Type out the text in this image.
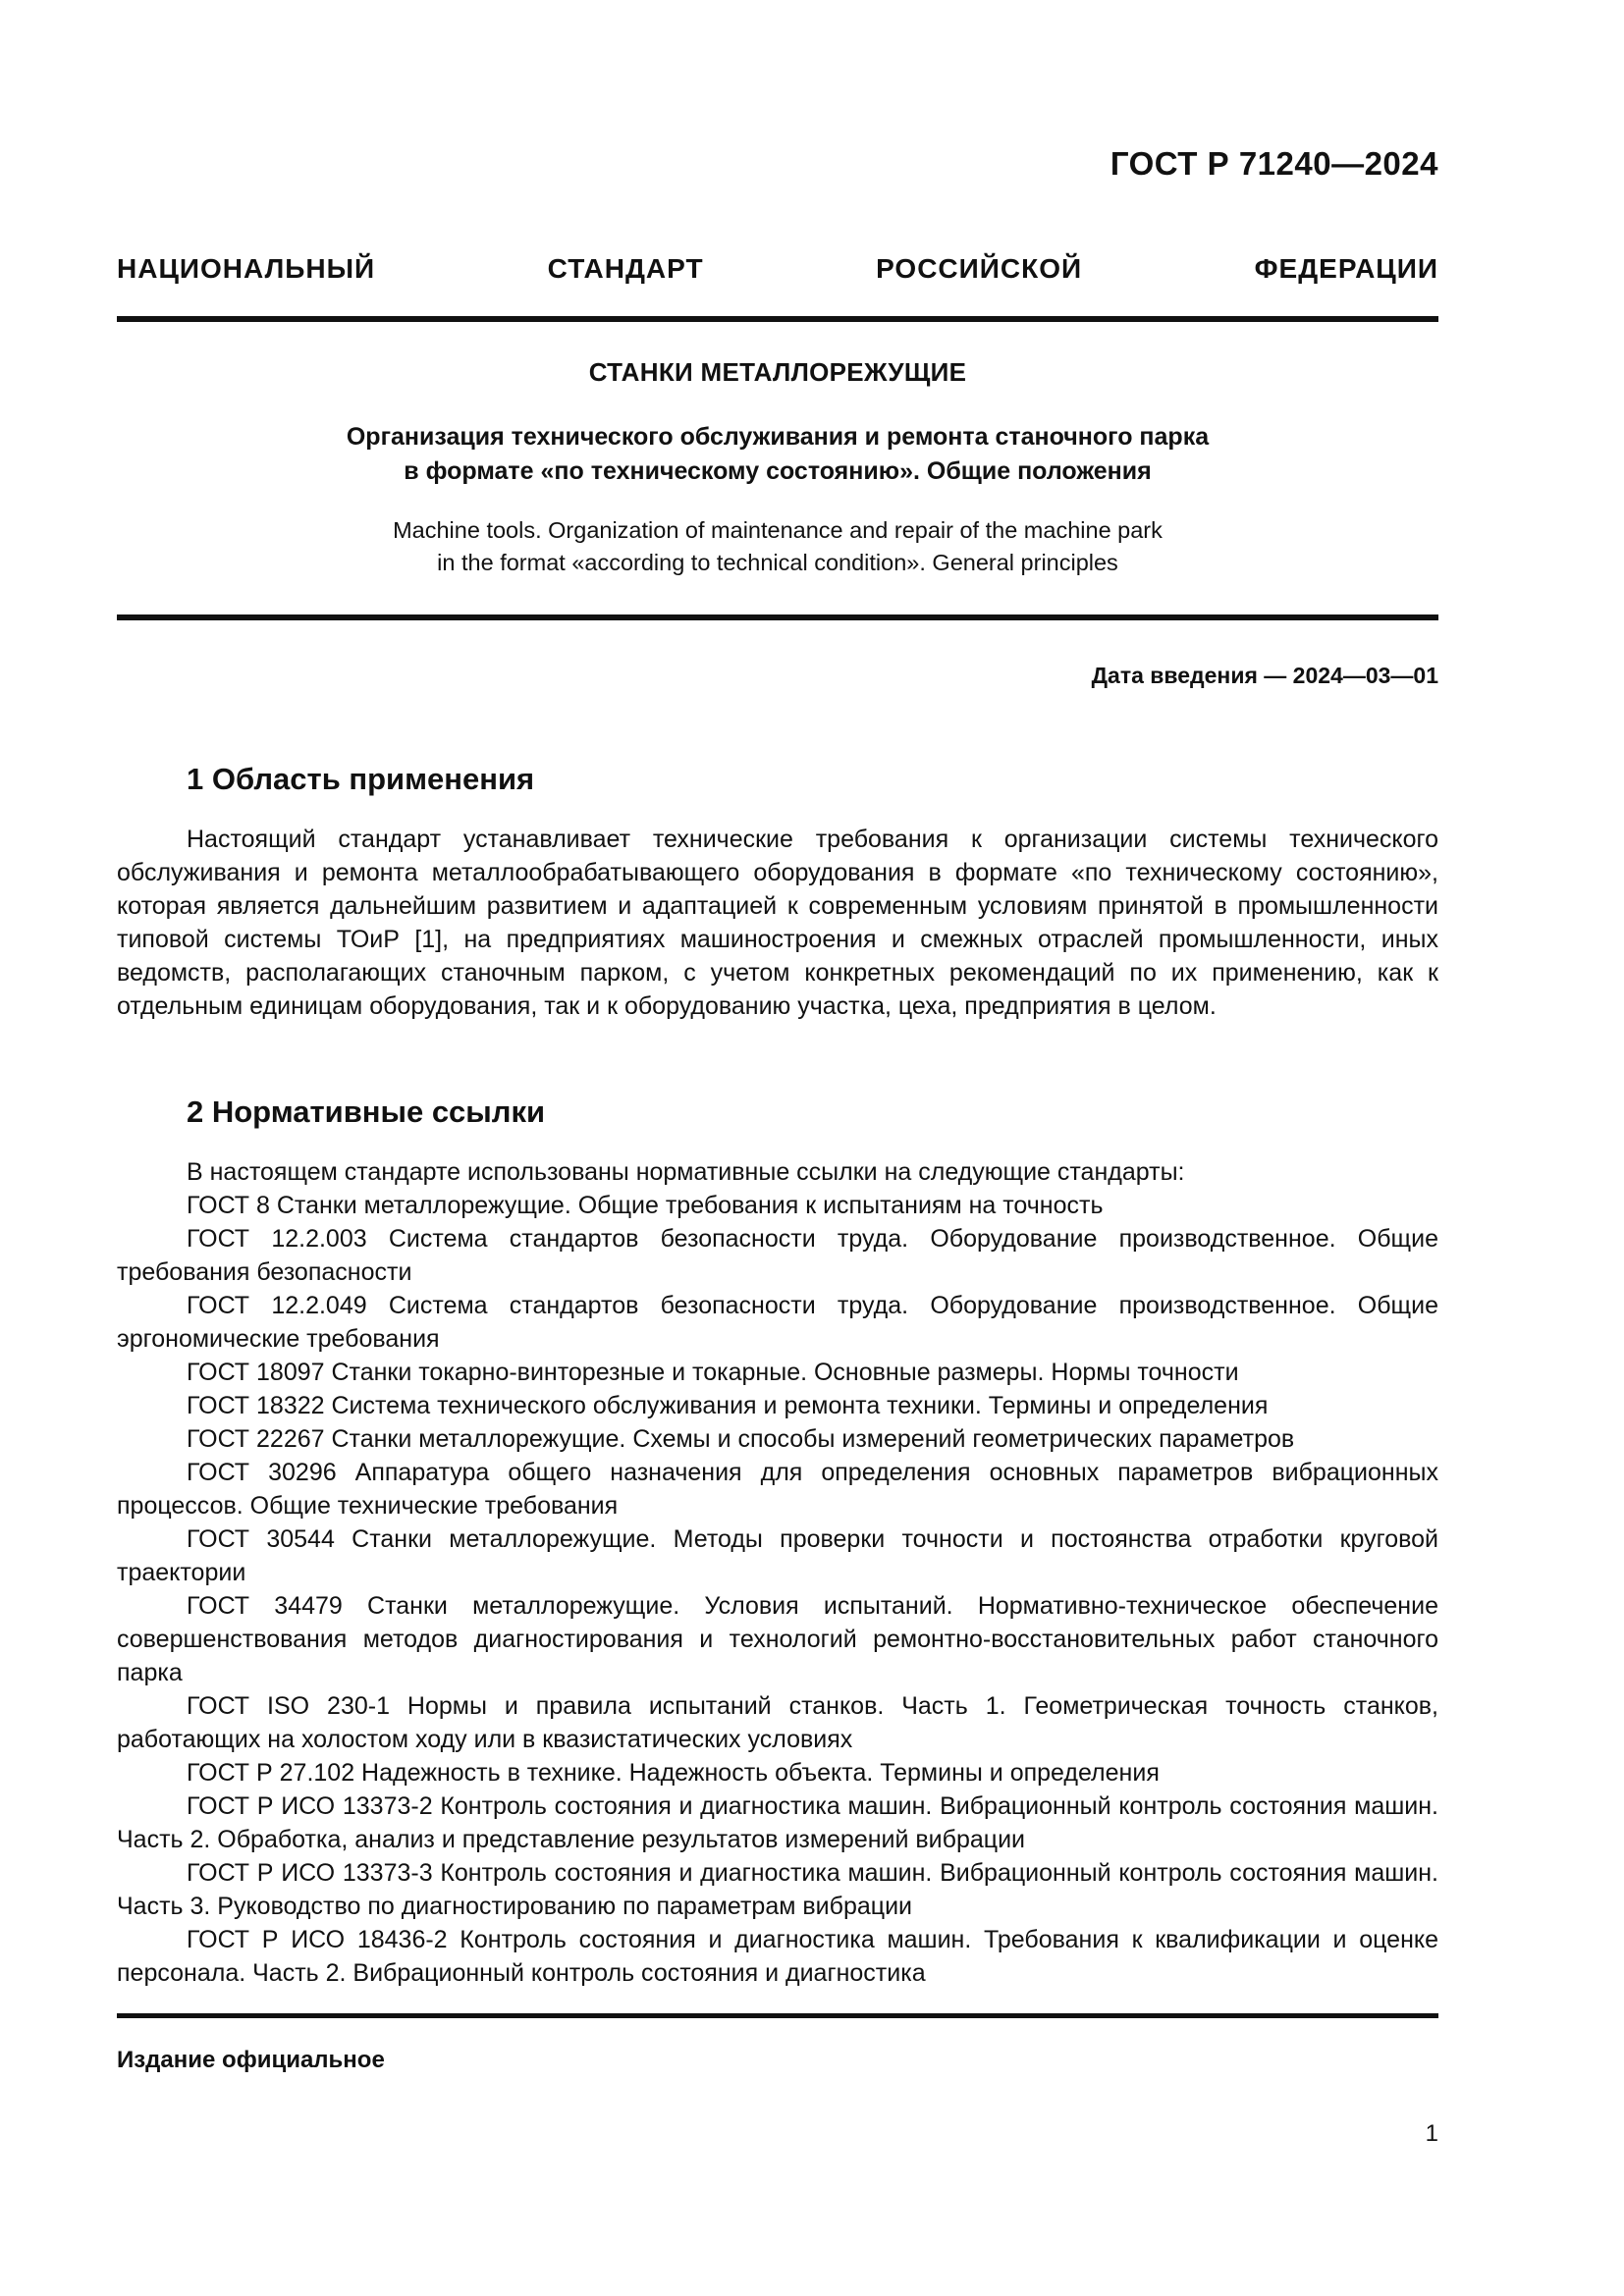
ГОСТ Р 71240—2024
НАЦИОНАЛЬНЫЙ СТАНДАРТ РОССИЙСКОЙ ФЕДЕРАЦИИ
СТАНКИ МЕТАЛЛОРЕЖУЩИЕ
Организация технического обслуживания и ремонта станочного парка
в формате «по техническому состоянию». Общие положения
Machine tools. Organization of maintenance and repair of the machine park
in the format «according to technical condition». General principles
Дата введения — 2024—03—01
1 Область применения
Настоящий стандарт устанавливает технические требования к организации системы технического обслуживания и ремонта металлообрабатывающего оборудования в формате «по техническому состоянию», которая является дальнейшим развитием и адаптацией к современным условиям принятой в промышленности типовой системы ТОиР [1], на предприятиях машиностроения и смежных отраслей промышленности, иных ведомств, располагающих станочным парком, с учетом конкретных рекомендаций по их применению, как к отдельным единицам оборудования, так и к оборудованию участка, цеха, предприятия в целом.
2 Нормативные ссылки

В настоящем стандарте использованы нормативные ссылки на следующие стандарты:

ГОСТ 8 Станки металлорежущие. Общие требования к испытаниям на точность

ГОСТ 12.2.003 Система стандартов безопасности труда. Оборудование производственное. Общие требования безопасности

ГОСТ 12.2.049 Система стандартов безопасности труда. Оборудование производственное. Общие эргономические требования

ГОСТ 18097 Станки токарно-винторезные и токарные. Основные размеры. Нормы точности

ГОСТ 18322 Система технического обслуживания и ремонта техники. Термины и определения

ГОСТ 22267 Станки металлорежущие. Схемы и способы измерений геометрических параметров

ГОСТ 30296 Аппаратура общего назначения для определения основных параметров вибрационных процессов. Общие технические требования

ГОСТ 30544 Станки металлорежущие. Методы проверки точности и постоянства отработки круговой траектории

ГОСТ 34479 Станки металлорежущие. Условия испытаний. Нормативно-техническое обеспечение совершенствования методов диагностирования и технологий ремонтно-восстановительных работ станочного парка

ГОСТ ISO 230-1 Нормы и правила испытаний станков. Часть 1. Геометрическая точность станков, работающих на холостом ходу или в квазистатических условиях

ГОСТ Р 27.102 Надежность в технике. Надежность объекта. Термины и определения

ГОСТ Р ИСО 13373-2 Контроль состояния и диагностика машин. Вибрационный контроль состояния машин. Часть 2. Обработка, анализ и представление результатов измерений вибрации

ГОСТ Р ИСО 13373-3 Контроль состояния и диагностика машин. Вибрационный контроль состояния машин. Часть 3. Руководство по диагностированию по параметрам вибрации

ГОСТ Р ИСО 18436-2 Контроль состояния и диагностика машин. Требования к квалификации и оценке персонала. Часть 2. Вибрационный контроль состояния и диагностика

Издание официальное
1
